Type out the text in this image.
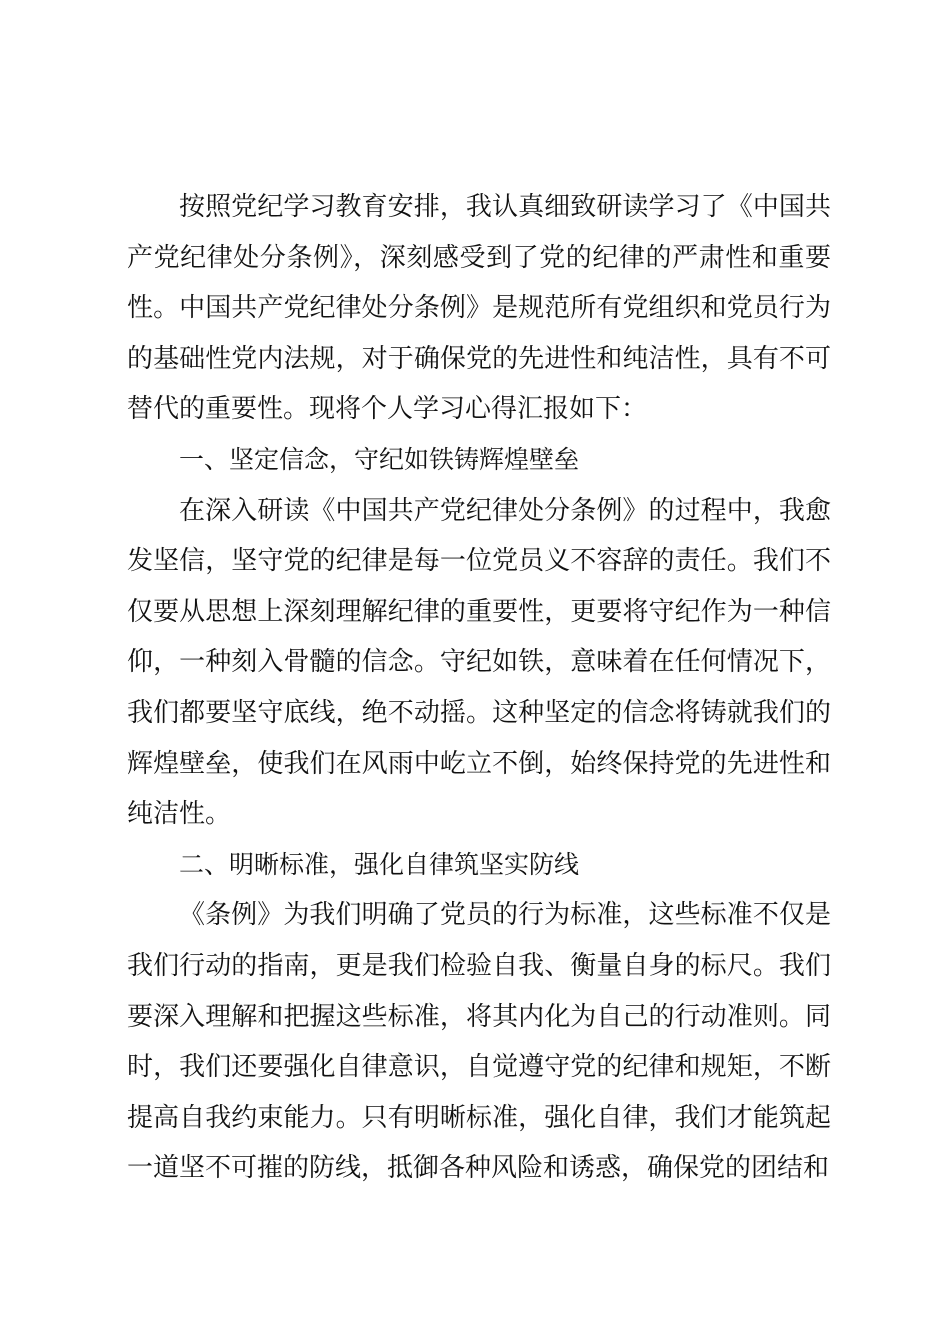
按照党纪学习教育安排，我认真细致研读学习了《中国共产党纪律处分条例》，深刻感受到了党的纪律的严肃性和重要性。中国共产党纪律处分条例》是规范所有党组织和党员行为的基础性党内法规，对于确保党的先进性和纯洁性，具有不可替代的重要性。现将个人学习心得汇报如下：

一、坚定信念，守纪如铁铸辉煌壁垒

在深入研读《中国共产党纪律处分条例》的过程中，我愈发坚信，坚守党的纪律是每一位党员义不容辞的责任。我们不仅要从思想上深刻理解纪律的重要性，更要将守纪作为一种信仰，一种刻入骨髓的信念。守纪如铁，意味着在任何情况下，我们都要坚守底线，绝不动摇。这种坚定的信念将铸就我们的辉煌壁垒，使我们在风雨中屹立不倒，始终保持党的先进性和纯洁性。

二、明晰标准，强化自律筑坚实防线

《条例》为我们明确了党员的行为标准，这些标准不仅是我们行动的指南，更是我们检验自我、衡量自身的标尺。我们要深入理解和把握这些标准，将其内化为自己的行动准则。同时，我们还要强化自律意识，自觉遵守党的纪律和规矩，不断提高自我约束能力。只有明晰标准，强化自律，我们才能筑起一道坚不可摧的防线，抵御各种风险和诱惑，确保党的团结和
